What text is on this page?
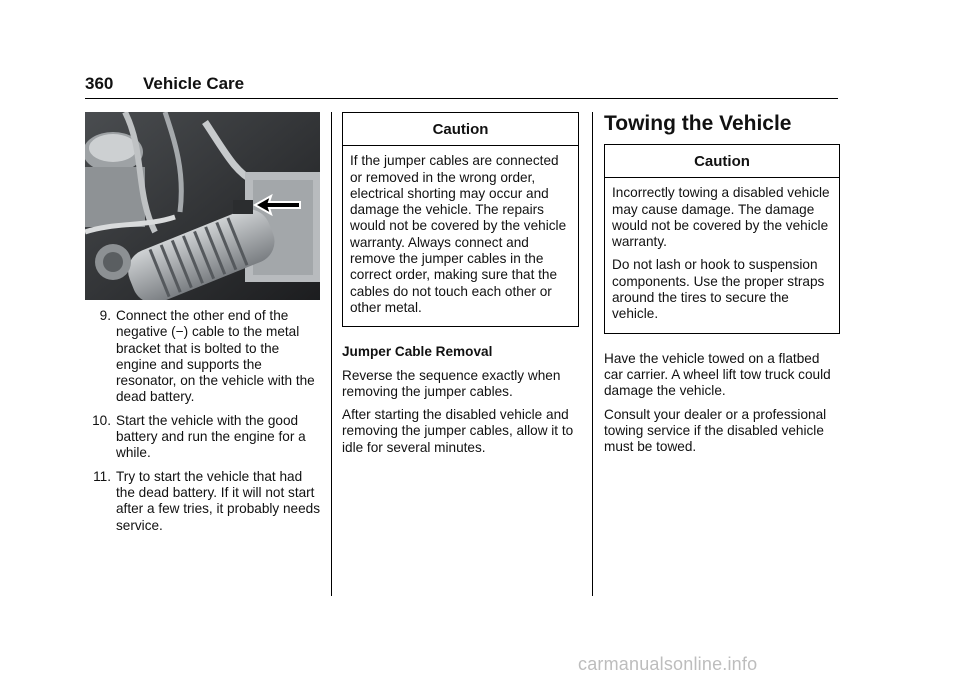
360 Vehicle Care
9. Connect the other end of the negative (−) cable to the metal bracket that is bolted to the engine and supports the resonator, on the vehicle with the dead battery.
10. Start the vehicle with the good battery and run the engine for a while.
11. Try to start the vehicle that had the dead battery. If it will not start after a few tries, it probably needs service.
Caution

If the jumper cables are connected or removed in the wrong order, electrical shorting may occur and damage the vehicle. The repairs would not be covered by the vehicle warranty. Always connect and remove the jumper cables in the correct order, making sure that the cables do not touch each other or other metal.

Jumper Cable Removal

Reverse the sequence exactly when removing the jumper cables.

After starting the disabled vehicle and removing the jumper cables, allow it to idle for several minutes.

Towing the Vehicle
Caution

Incorrectly towing a disabled vehicle may cause damage. The damage would not be covered by the vehicle warranty.

Do not lash or hook to suspension components. Use the proper straps around the tires to secure the vehicle.

Have the vehicle towed on a flatbed car carrier. A wheel lift tow truck could damage the vehicle.

Consult your dealer or a professional towing service if the disabled vehicle must be towed.

carmanualsonline.info
